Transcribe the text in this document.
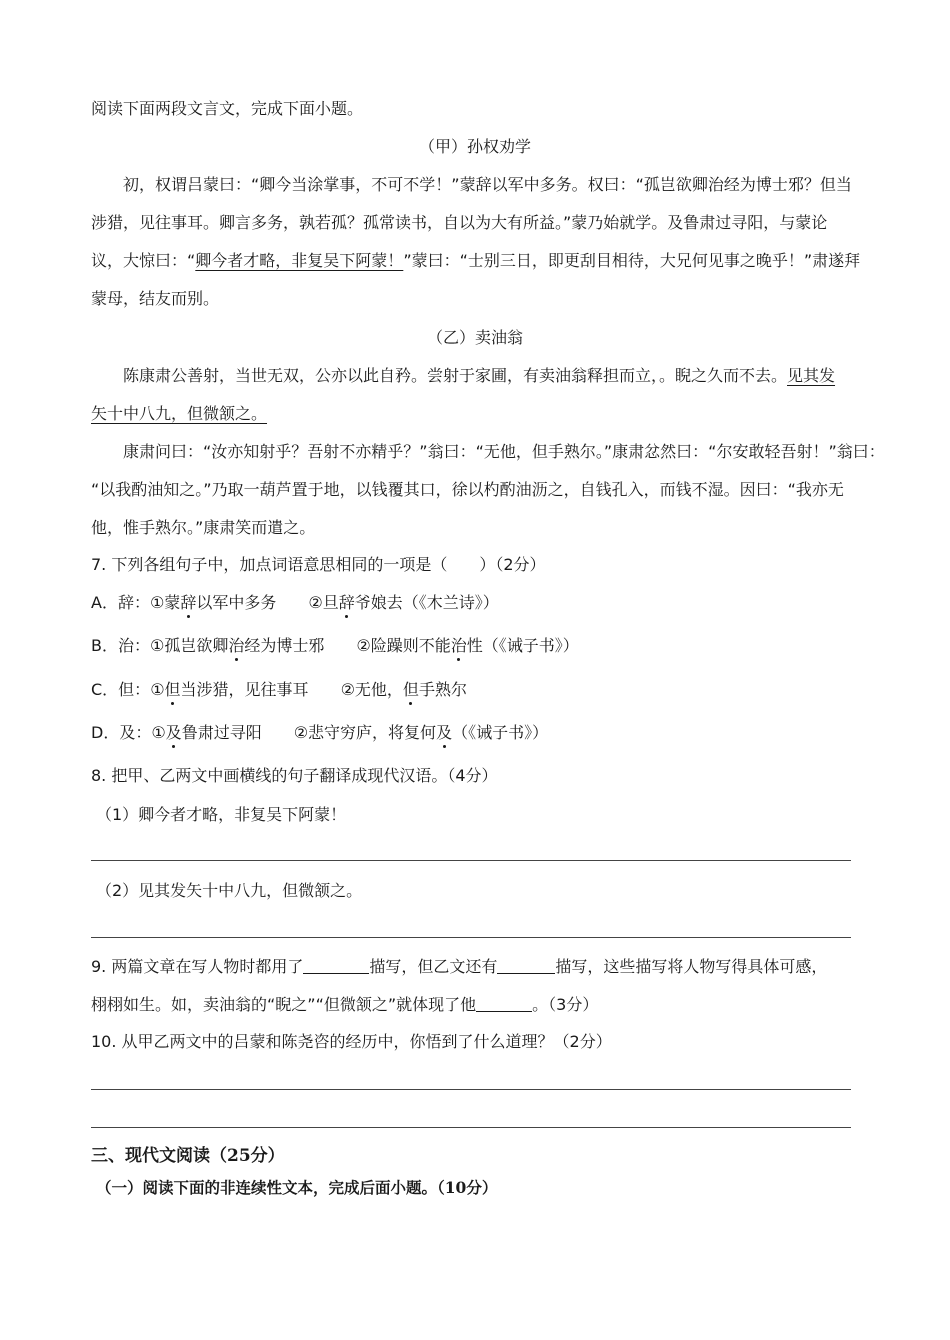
阅读下面两段文言文，完成下面小题。
（甲）孙权劝学
初，权谓吕蒙曰：“卿今当涂掌事，不可不学！”蒙辞以军中多务。权曰：“孤岂欲卿治经为博士邪？但当
涉猎，见往事耳。卿言多务，孰若孤？孤常读书，自以为大有所益。”蒙乃始就学。及鲁肃过寻阳，与蒙论
议，大惊曰：“卿今者才略，非复吴下阿蒙！”蒙曰：“士别三日，即更刮目相待，大兄何见事之晚乎！”肃遂拜
蒙母，结友而别。
（乙）卖油翁
陈康肃公善射，当世无双，公亦以此自矜。尝射于家圃，有卖油翁释担而立，。睨之久而不去。见其发
矢十中八九，但微颔之。
康肃问曰：“汝亦知射乎？吾射不亦精乎？”翁曰：“无他，但手熟尔。”康肃忿然曰：“尔安敢轻吾射！”翁曰：
“以我酌油知之。”乃取一葫芦置于地，以钱覆其口，徐以杓酌油沥之，自钱孔入，而钱不湿。因曰：“我亦无
他，惟手熟尔。”康肃笑而遣之。
7. 下列各组句子中，加点词语意思相同的一项是（　　）（2分）
A．辞：①蒙辞以军中多务 ②旦辞爷娘去（《木兰诗》）
B．治：①孤岂欲卿治经为博士邪 ②险躁则不能治性（《诫子书》）
C．但：①但当涉猎，见往事耳 ②无他，但手熟尔
D．及：①及鲁肃过寻阳 ②悲守穷庐，将复何及（《诫子书》）
8. 把甲、乙两文中画横线的句子翻译成现代汉语。（4分）
（1）卿今者才略，非复吴下阿蒙！
（2）见其发矢十中八九，但微颔之。
9. 两篇文章在写人物时都用了	描写，但乙文还有	描写，这些描写将人物写得具体可感，
栩栩如生。如，卖油翁的“睨之”“但微颔之”就体现了他	。（3分）
10. 从甲乙两文中的吕蒙和陈尧咨的经历中，你悟到了什么道理？（2分）
三、现代文阅读（25分）
（一）阅读下面的非连续性文本，完成后面小题。（10分）
